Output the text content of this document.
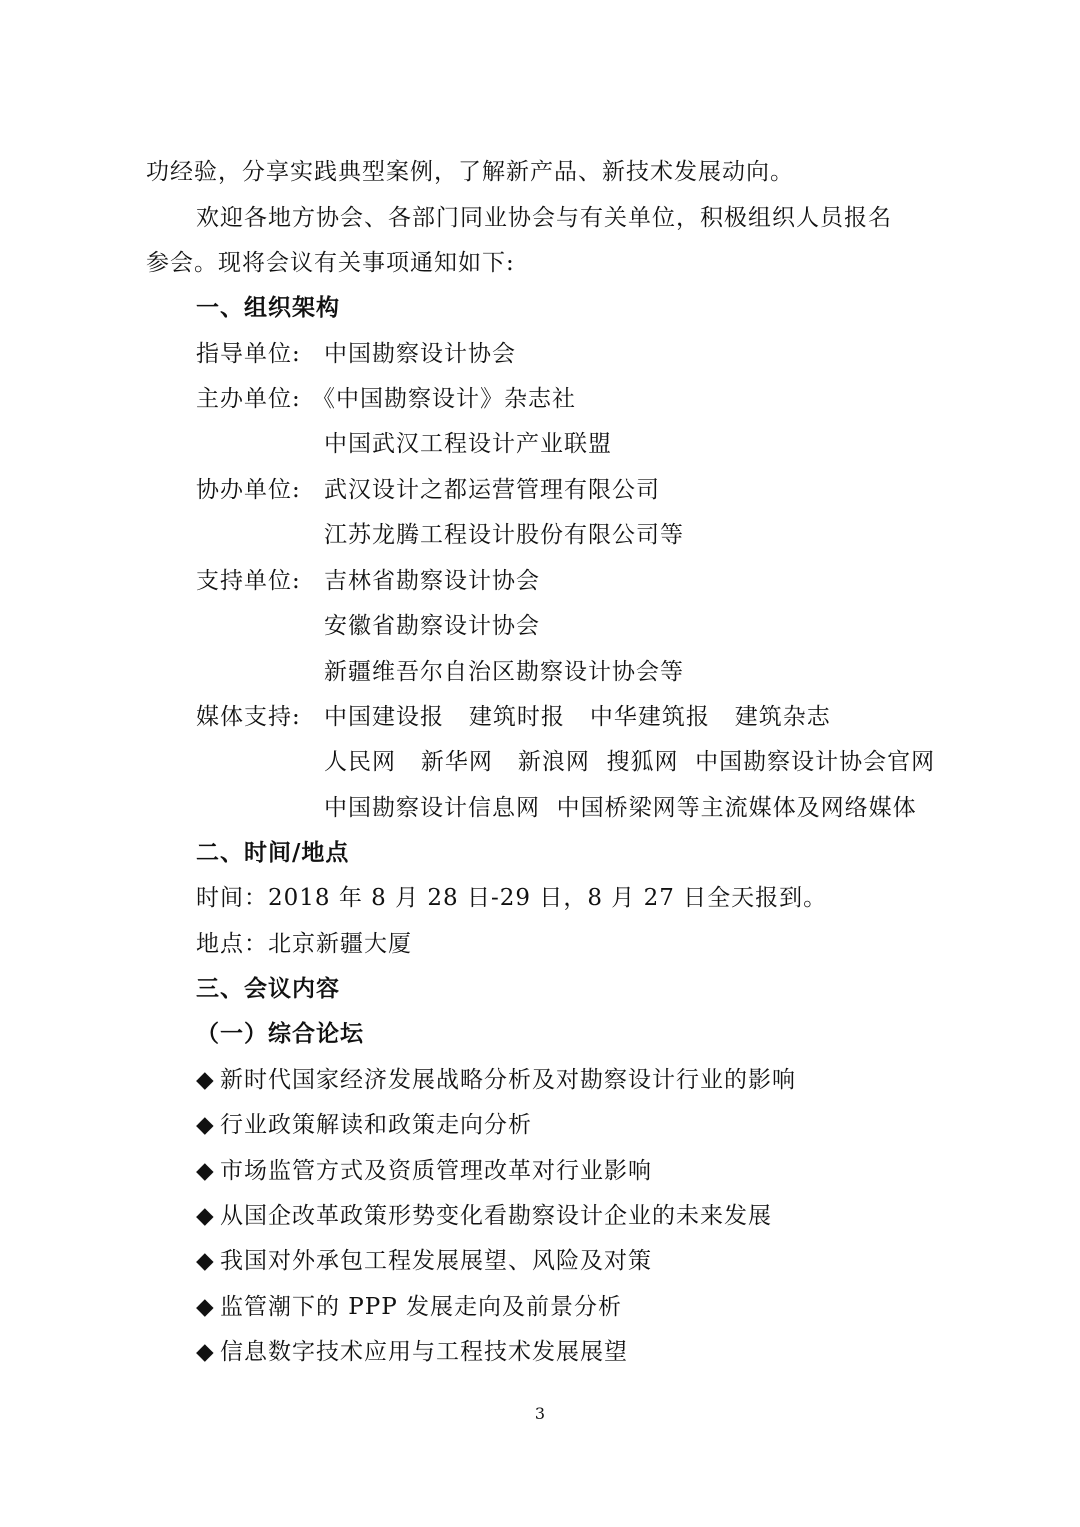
功经验，分享实践典型案例，了解新产品、新技术发展动向。
欢迎各地方协会、各部门同业协会与有关单位，积极组织人员报名
参会。现将会议有关事项通知如下:
一、组织架构
指导单位: 中国勘察设计协会
主办单位: 《中国勘察设计》杂志社
中国武汉工程设计产业联盟
协办单位: 武汉设计之都运营管理有限公司
江苏龙腾工程设计股份有限公司等
支持单位: 吉林省勘察设计协会
安徽省勘察设计协会
新疆维吾尔自治区勘察设计协会等
媒体支持: 中国建设报   建筑时报   中华建筑报   建筑杂志
人民网   新华网   新浪网  搜狐网  中国勘察设计协会官网
中国勘察设计信息网  中国桥梁网等主流媒体及网络媒体
二、时间/地点
时间：2018 年 8 月 28 日-29 日，8 月 27 日全天报到。
地点：北京新疆大厦
三、会议内容
（一）综合论坛
◆ 新时代国家经济发展战略分析及对勘察设计行业的影响
◆ 行业政策解读和政策走向分析
◆ 市场监管方式及资质管理改革对行业影响
◆ 从国企改革政策形势变化看勘察设计企业的未来发展
◆ 我国对外承包工程发展展望、风险及对策
◆ 监管潮下的 PPP 发展走向及前景分析
◆ 信息数字技术应用与工程技术发展展望
3
